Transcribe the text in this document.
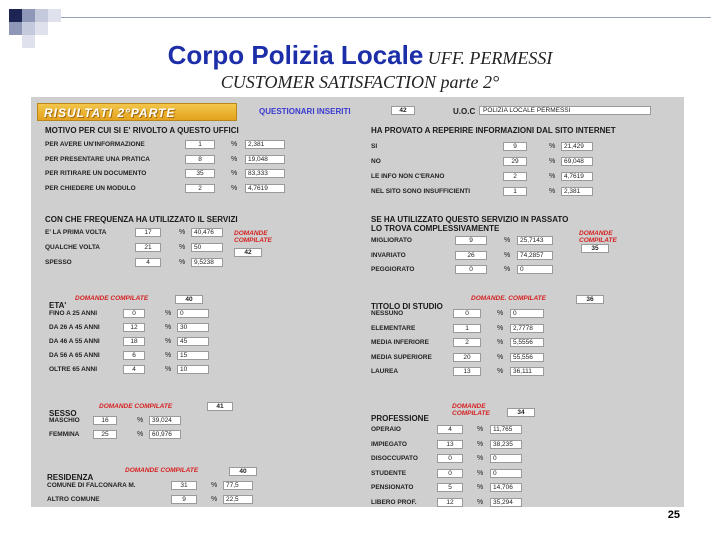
Corpo Polizia Locale UFF. PERMESSI
CUSTOMER SATISFACTION parte 2°
RISULTATI 2°PARTE	QUESTIONARI INSERITI	42	U.O.C	POLIZIA LOCALE PERMESSI
MOTIVO PER CUI SI E' RIVOLTO A QUESTO UFFICI
PER AVERE UN'INFORMAZIONE	1	%	2,381
PER PRESENTARE UNA PRATICA	8	%	19,048
PER RITIRARE UN DOCUMENTO	35	%	83,333
PER CHIEDERE UN MODULO	2	%	4,7619
HA PROVATO A REPERIRE INFORMAZIONI DAL SITO INTERNET
SI	9	%	21,429
NO	29	%	69,048
LE INFO NON C'ERANO	2	%	4,7619
NEL SITO SONO INSUFFICIENTI	1	%	2,381
CON CHE FREQUENZA HA UTILIZZATO IL SERVIZI
DOMANDE COMPILATE
42
E' LA PRIMA VOLTA	17	%	40,476
QUALCHE VOLTA	21	%	50
SPESSO	4	%	9,5238
SE HA UTILIZZATO QUESTO SERVIZIO IN PASSATO
LO TROVA COMPLESSIVAMENTE
DOMANDE COMPILATE
35
MIGLIORATO	9	%	25,7143
INVARIATO	26	%	74,2857
PEGGIORATO	0	%	0
ETA'
DOMANDE COMPILATE	40
FINO A 25 ANNI	0	%	0
DA 26 A 45 ANNI	12	%	30
DA 46 A 55 ANNI	18	%	45
DA 56 A 65 ANNI	6	%	15
OLTRE 65 ANNI	4	%	10
TITOLO DI STUDIO
DOMANDE. COMPILATE	36
NESSUNO	0	%	0
ELEMENTARE	1	%	2,7778
MEDIA INFERIORE	2	%	5,5556
MEDIA SUPERIORE	20	%	55,556
LAUREA	13	%	36,111
SESSO
DOMANDE COMPILATE	41
MASCHIO	16	%	39,024
FEMMINA	25	%	60,976
PROFESSIONE
DOMANDE COMPILATE	34
OPERAIO	4	%	11,765
IMPIEGATO	13	%	38,235
DISOCCUPATO	0	%	0
STUDENTE	0	%	0
PENSIONATO	5	%	14,706
LIBERO PROF.	12	%	35,294
RESIDENZA
DOMANDE COMPILATE	40
COMUNE DI FALCONARA M.	31	%	77,5
ALTRO COMUNE	9	%	22,5
25
